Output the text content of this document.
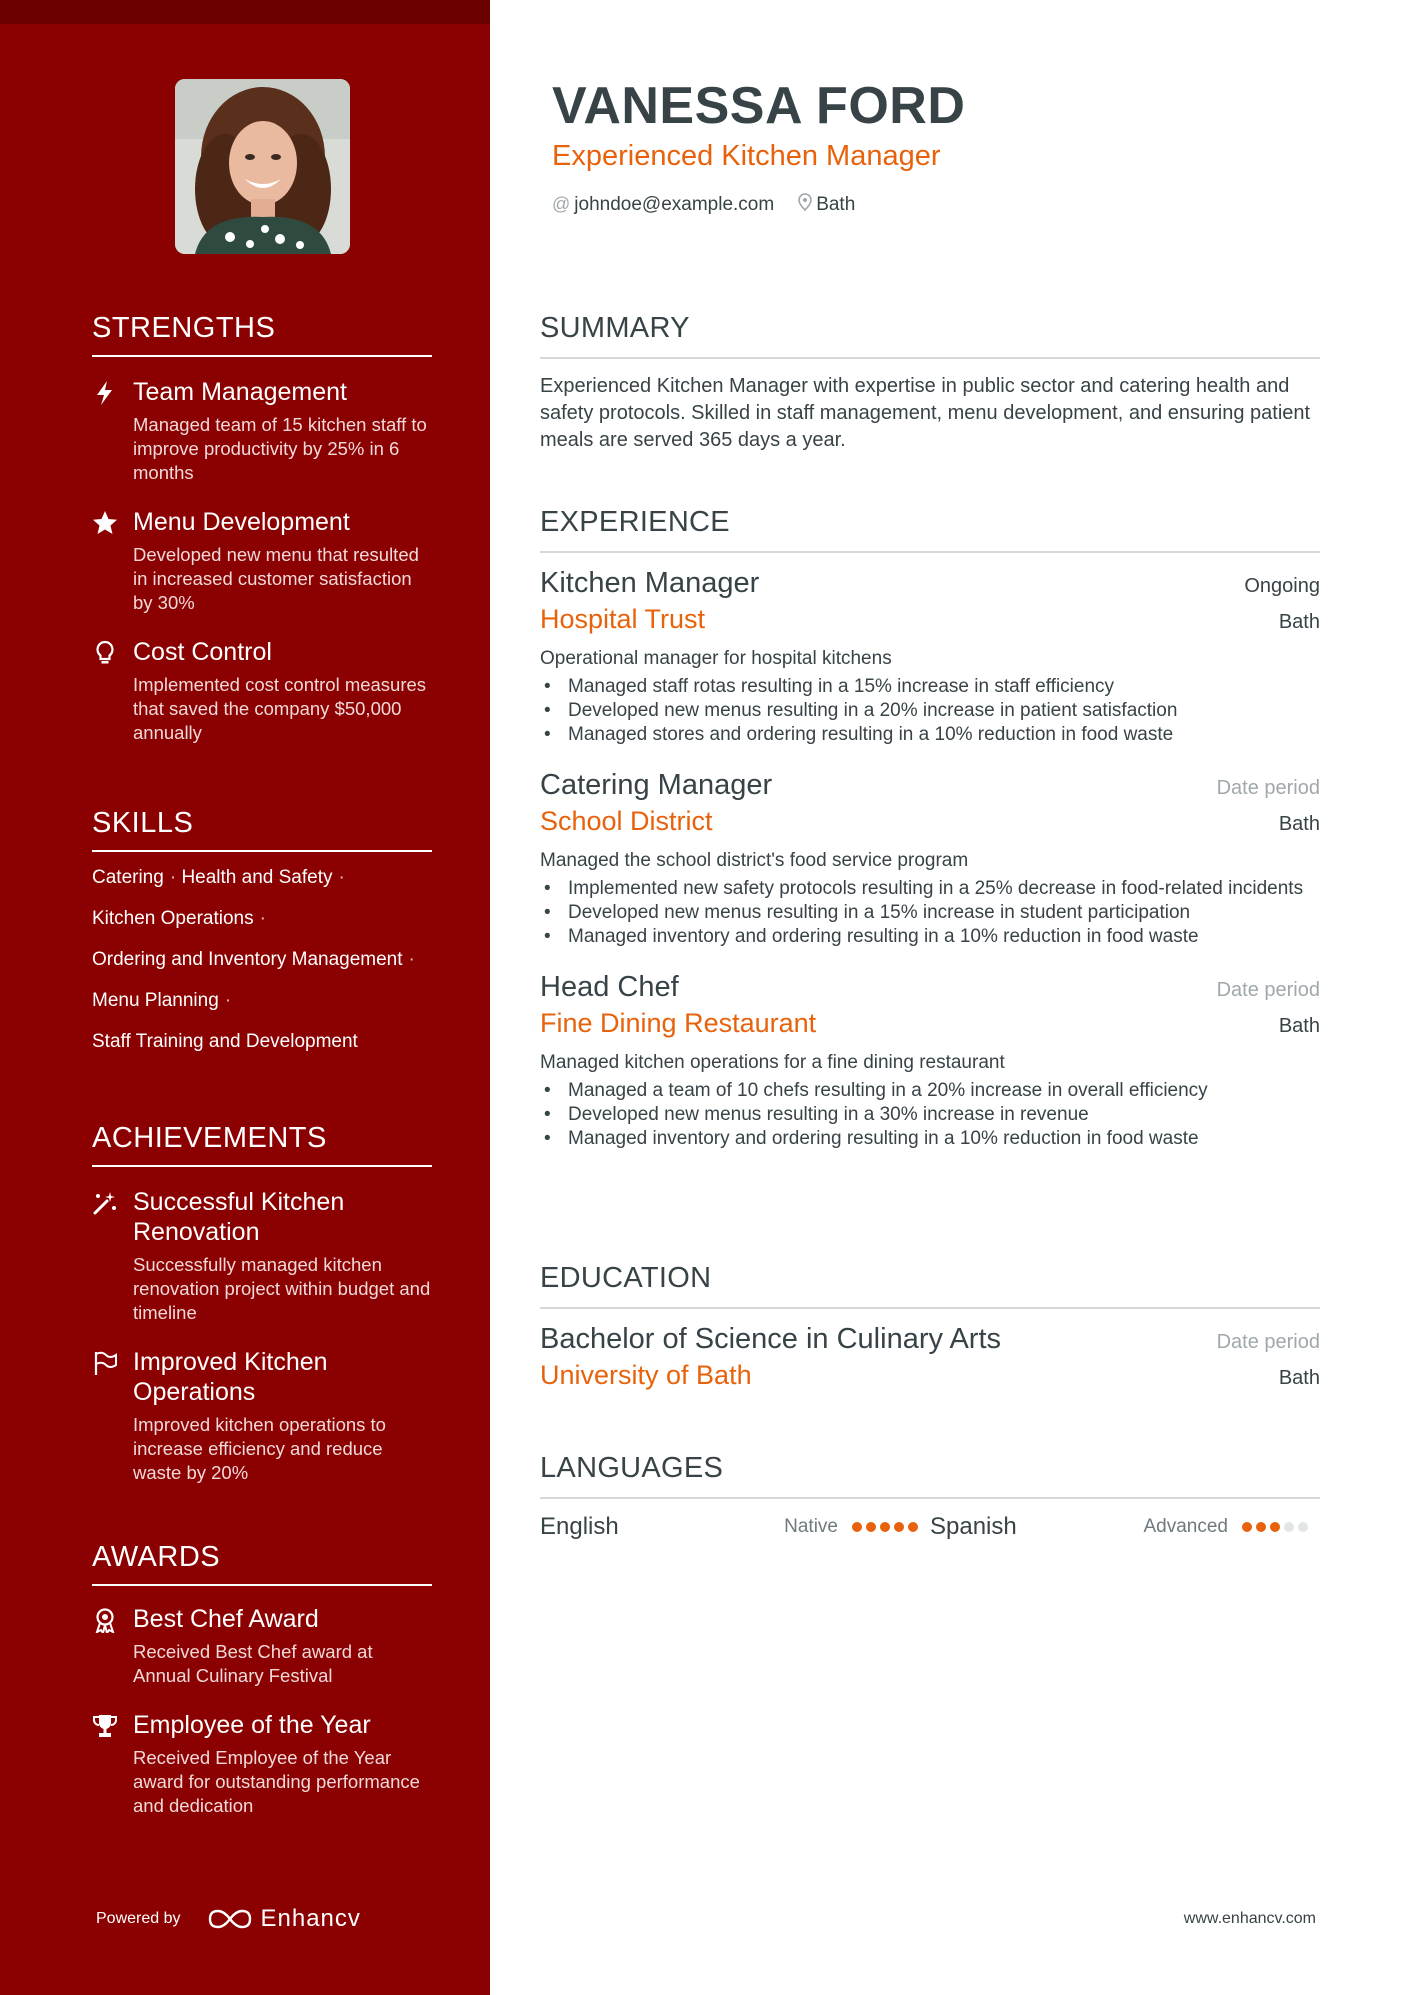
STRENGTHS
Team Management
Managed team of 15 kitchen staff to improve productivity by 25% in 6 months
Menu Development
Developed new menu that resulted in increased customer satisfaction by 30%
Cost Control
Implemented cost control measures that saved the company $50,000 annually
SKILLS
Catering · Health and Safety ·
Kitchen Operations ·
Ordering and Inventory Management ·
Menu Planning ·
Staff Training and Development
ACHIEVEMENTS
Successful Kitchen Renovation
Successfully managed kitchen renovation project within budget and timeline
Improved Kitchen Operations
Improved kitchen operations to increase efficiency and reduce waste by 20%
AWARDS
Best Chef Award
Received Best Chef award at Annual Culinary Festival
Employee of the Year
Received Employee of the Year award for outstanding performance and dedication
Powered by	Enhancv
VANESSA FORD
Experienced Kitchen Manager
@ johndoe@example.com Bath
SUMMARY
Experienced Kitchen Manager with expertise in public sector and catering health and safety protocols. Skilled in staff management, menu development, and ensuring patient meals are served 365 days a year.
EXPERIENCE
Kitchen Manager	Ongoing
Hospital Trust	Bath
Operational manager for hospital kitchens
• Managed staff rotas resulting in a 15% increase in staff efficiency
• Developed new menus resulting in a 20% increase in patient satisfaction
• Managed stores and ordering resulting in a 10% reduction in food waste
Catering Manager	Date period
School District	Bath
Managed the school district's food service program
• Implemented new safety protocols resulting in a 25% decrease in food-related incidents
• Developed new menus resulting in a 15% increase in student participation
• Managed inventory and ordering resulting in a 10% reduction in food waste
Head Chef	Date period
Fine Dining Restaurant	Bath
Managed kitchen operations for a fine dining restaurant
• Managed a team of 10 chefs resulting in a 20% increase in overall efficiency
• Developed new menus resulting in a 30% increase in revenue
• Managed inventory and ordering resulting in a 10% reduction in food waste
EDUCATION
Bachelor of Science in Culinary Arts	Date period
University of Bath	Bath
LANGUAGES
English	Native	Spanish	Advanced
www.enhancv.com
